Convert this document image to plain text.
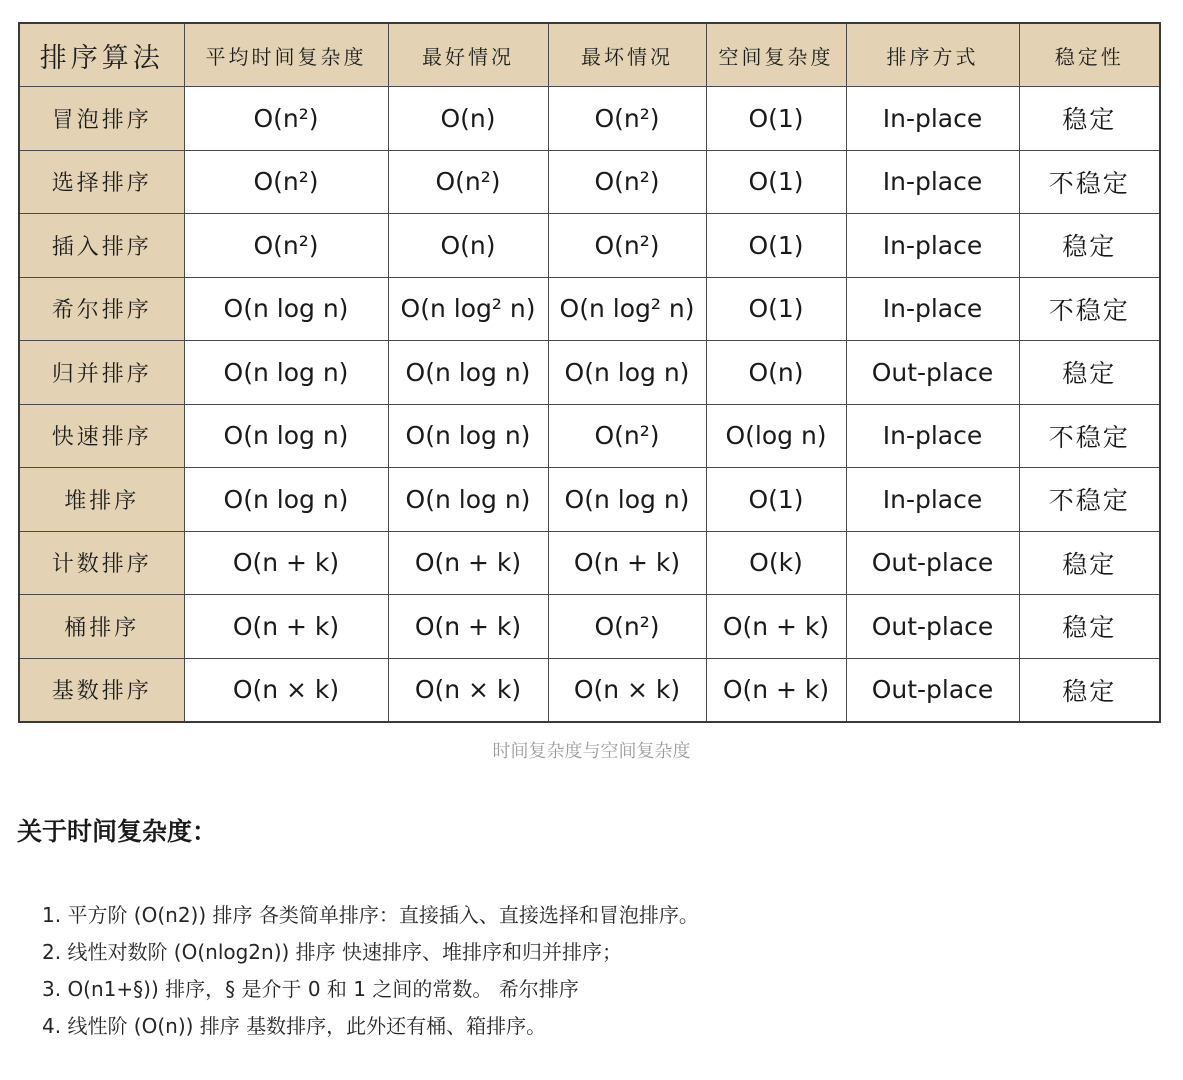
排序算法	平均时间复杂度	最好情况	最坏情况	空间复杂度	排序方式	稳定性
冒泡排序	O(n²)	O(n)	O(n²)	O(1)	In-place	稳定
选择排序	O(n²)	O(n²)	O(n²)	O(1)	In-place	不稳定
插入排序	O(n²)	O(n)	O(n²)	O(1)	In-place	稳定
希尔排序	O(n log n)	O(n log² n)	O(n log² n)	O(1)	In-place	不稳定
归并排序	O(n log n)	O(n log n)	O(n log n)	O(n)	Out-place	稳定
快速排序	O(n log n)	O(n log n)	O(n²)	O(log n)	In-place	不稳定
堆排序	O(n log n)	O(n log n)	O(n log n)	O(1)	In-place	不稳定
计数排序	O(n + k)	O(n + k)	O(n + k)	O(k)	Out-place	稳定
桶排序	O(n + k)	O(n + k)	O(n²)	O(n + k)	Out-place	稳定
基数排序	O(n × k)	O(n × k)	O(n × k)	O(n + k)	Out-place	稳定
时间复杂度与空间复杂度
关于时间复杂度：
1. 平方阶 (O(n2)) 排序 各类简单排序：直接插入、直接选择和冒泡排序。
2. 线性对数阶 (O(nlog2n)) 排序 快速排序、堆排序和归并排序；
3. O(n1+§)) 排序，§ 是介于 0 和 1 之间的常数。 希尔排序
4. 线性阶 (O(n)) 排序 基数排序，此外还有桶、箱排序。
